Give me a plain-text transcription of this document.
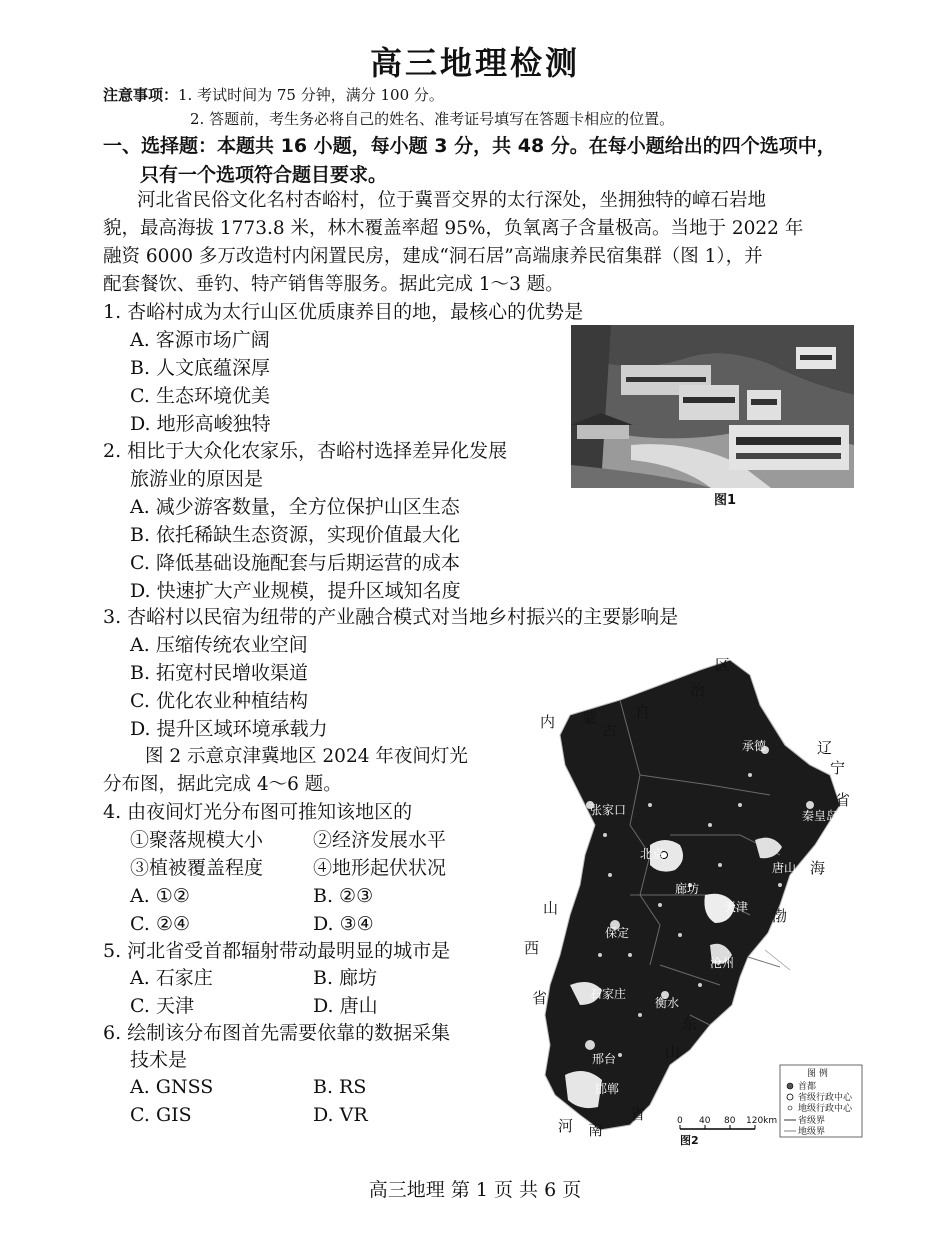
高三地理检测
注意事项：1. 考试时间为 75 分钟，满分 100 分。
2. 答题前，考生务必将自己的姓名、准考证号填写在答题卡相应的位置。
一、选择题：本题共 16 小题，每小题 3 分，共 48 分。在每小题给出的四个选项中，
只有一个选项符合题目要求。
河北省民俗文化名村杏峪村，位于冀晋交界的太行深处，坐拥独特的嶂石岩地
貌，最高海拔 1773.8 米，林木覆盖率超 95%，负氧离子含量极高。当地于 2022 年
融资 6000 多万改造村内闲置民房，建成“洞石居”高端康养民宿集群（图 1），并
配套餐饮、垂钓、特产销售等服务。据此完成 1～3 题。
1. 杏峪村成为太行山区优质康养目的地，最核心的优势是
A. 客源市场广阔
B. 人文底蕴深厚
C. 生态环境优美
D. 地形高峻独特
图1
2. 相比于大众化农家乐，杏峪村选择差异化发展
旅游业的原因是
A. 减少游客数量，全方位保护山区生态
B. 依托稀缺生态资源，实现价值最大化
C. 降低基础设施配套与后期运营的成本
D. 快速扩大产业规模，提升区域知名度
3. 杏峪村以民宿为纽带的产业融合模式对当地乡村振兴的主要影响是
A. 压缩传统农业空间
B. 拓宽村民增收渠道
C. 优化农业种植结构
D. 提升区域环境承载力
图 2 示意京津冀地区 2024 年夜间灯光
分布图，据此完成 4～6 题。
4. 由夜间灯光分布图可推知该地区的
①聚落规模大小	②经济发展水平
③植被覆盖程度	④地形起伏状况
A. ①②	B. ②③
C. ②④	D. ③④
5. 河北省受首都辐射带动最明显的城市是
A. 石家庄	B. 廊坊
C. 天津	D. 唐山
6. 绘制该分布图首先需要依靠的数据采集
技术是
A. GNSS	B. RS
C. GIS	D. VR
北京
承德
张家口	秦皇岛
唐山
廊坊
天津
保定
沧州
石家庄
衡水
邢台
邯郸
区
治
自
蒙
内	古
辽
宁
省
海
渤
山
西
省
东
山
省
南
河
图 例
首都
省级行政中心
地级行政中心
省级界
地级界
0 40 80 120km
图2
高三地理 第 1 页 共 6 页
